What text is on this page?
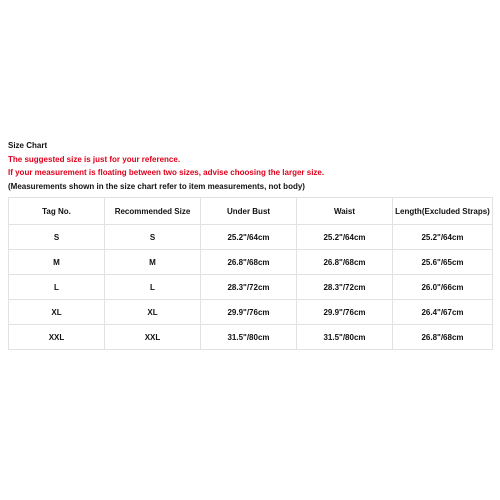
Size Chart
The suggested size is just for your reference.
If your measurement is floating between two sizes, advise choosing the larger size.
(Measurements shown in the size chart refer to item measurements, not body)
Tag No.	Recommended Size	Under Bust	Waist	Length(Excluded Straps)
S	S	25.2"/64cm	25.2"/64cm	25.2"/64cm
M	M	26.8"/68cm	26.8"/68cm	25.6"/65cm
L	L	28.3"/72cm	28.3"/72cm	26.0"/66cm
XL	XL	29.9"/76cm	29.9"/76cm	26.4"/67cm
XXL	XXL	31.5"/80cm	31.5"/80cm	26.8"/68cm
